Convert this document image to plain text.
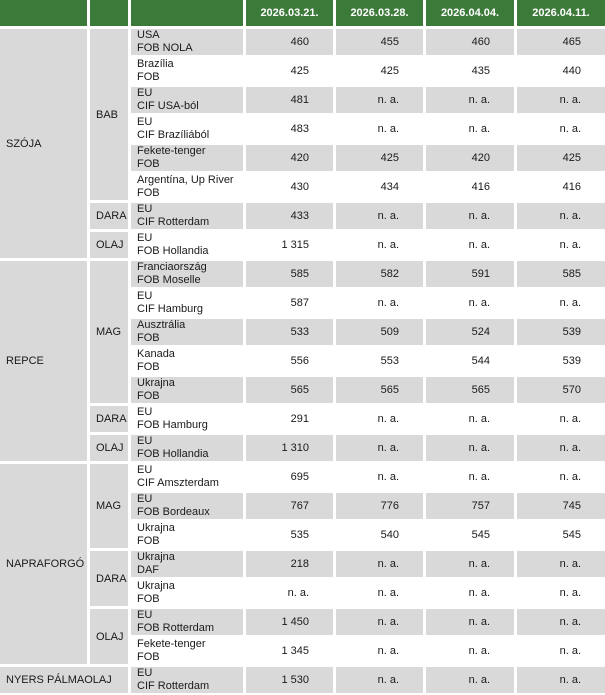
			2026.03.21.	2026.03.28.	2026.04.04.	2026.04.11.
SZÓJA	BAB	USA
FOB NOLA	460	455	460	465

		Brazília
FOB	425	425	435	440

		EU
CIF USA-ból	481	n. a.	n. a.	n. a.

		EU
CIF Brazíliából	483	n. a.	n. a.	n. a.

		Fekete-tenger
FOB	420	425	420	425

		Argentína, Up River
FOB	430	434	416	416
	DARA	EU
CIF Rotterdam	433	n. a.	n. a.	n. a.
	OLAJ	EU
FOB Hollandia	1 315	n. a.	n. a.	n. a.
REPCE	MAG	Franciaország
FOB Moselle	585	582	591	585

		EU
CIF Hamburg	587	n. a.	n. a.	n. a.

		Ausztrália
FOB	533	509	524	539

		Kanada
FOB	556	553	544	539

		Ukrajna
FOB	565	565	565	570
	DARA	EU
FOB Hamburg	291	n. a.	n. a.	n. a.
	OLAJ	EU
FOB Hollandia	1 310	n. a.	n. a.	n. a.
NAPRAFORGÓ	MAG	EU
CIF Amszterdam	695	n. a.	n. a.	n. a.

		EU
FOB Bordeaux	767	776	757	745

		Ukrajna
FOB	535	540	545	545
	DARA	Ukrajna
DAF	218	n. a.	n. a.	n. a.

		Ukrajna
FOB	n. a.	n. a.	n. a.	n. a.
	OLAJ	EU
FOB Rotterdam	1 450	n. a.	n. a.	n. a.

		Fekete-tenger
FOB	1 345	n. a.	n. a.	n. a.
NYERS PÁLMAOLAJ		EU
CIF Rotterdam	1 530	n. a.	n. a.	n. a.
